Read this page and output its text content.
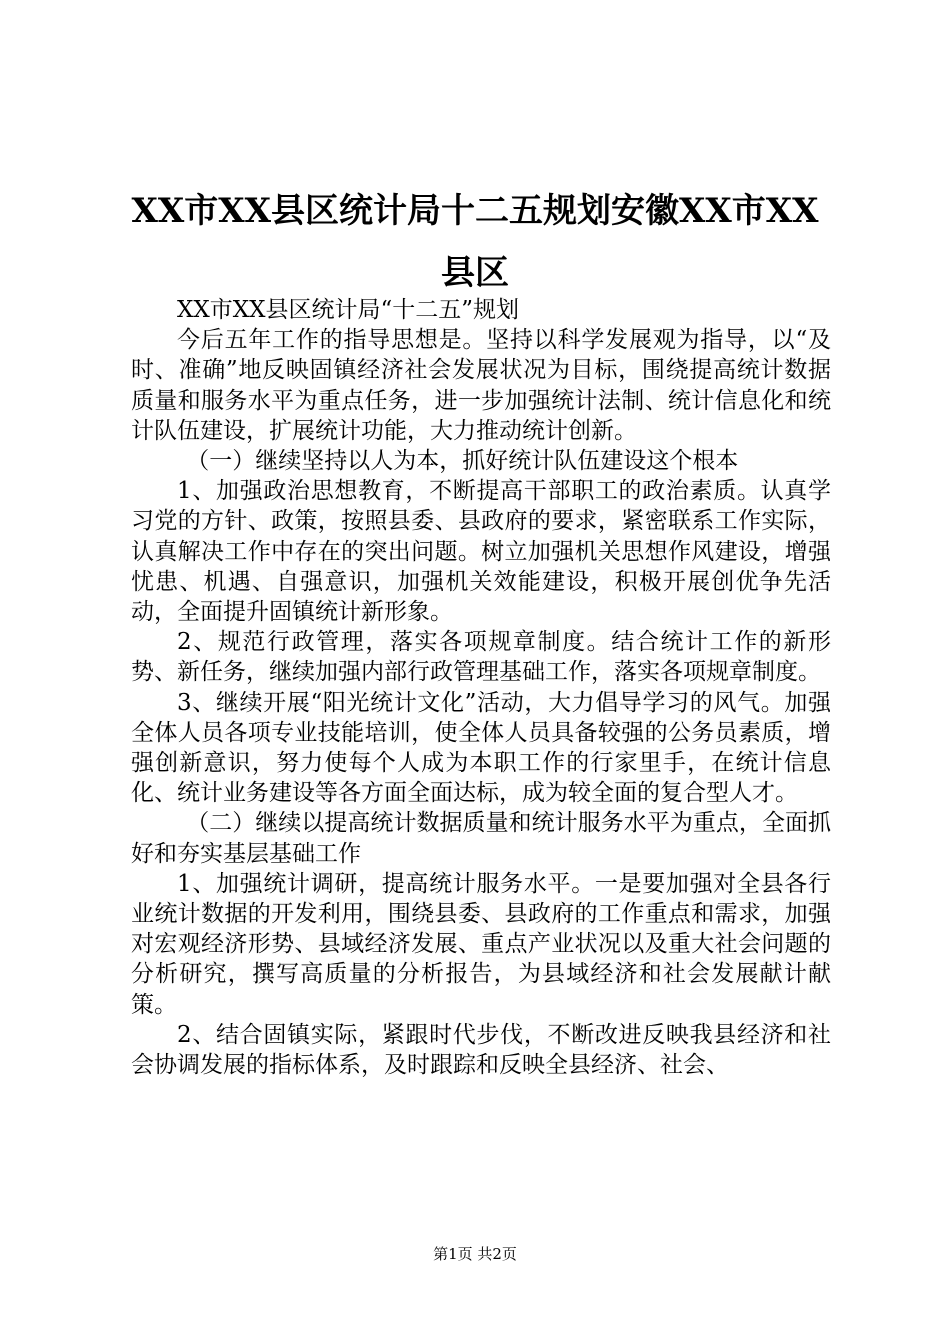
XX市XX县区统计局十二五规划安徽XX市XX县区

XX市XX县区统计局“十二五”规划

今后五年工作的指导思想是。坚持以科学发展观为指导，以“及时、准确”地反映固镇经济社会发展状况为目标，围绕提高统计数据质量和服务水平为重点任务，进一步加强统计法制、统计信息化和统计队伍建设，扩展统计功能，大力推动统计创新。

（一）继续坚持以人为本，抓好统计队伍建设这个根本

1、加强政治思想教育，不断提高干部职工的政治素质。认真学习党的方针、政策，按照县委、县政府的要求，紧密联系工作实际，认真解决工作中存在的突出问题。树立加强机关思想作风建设，增强忧患、机遇、自强意识，加强机关效能建设，积极开展创优争先活动，全面提升固镇统计新形象。

2、规范行政管理，落实各项规章制度。结合统计工作的新形势、新任务，继续加强内部行政管理基础工作，落实各项规章制度。

3、继续开展“阳光统计文化”活动，大力倡导学习的风气。加强全体人员各项专业技能培训，使全体人员具备较强的公务员素质，增强创新意识，努力使每个人成为本职工作的行家里手，在统计信息化、统计业务建设等各方面全面达标，成为较全面的复合型人才。

（二）继续以提高统计数据质量和统计服务水平为重点，全面抓好和夯实基层基础工作

1、加强统计调研，提高统计服务水平。一是要加强对全县各行业统计数据的开发利用，围绕县委、县政府的工作重点和需求，加强对宏观经济形势、县域经济发展、重点产业状况以及重大社会问题的分析研究，撰写高质量的分析报告，为县域经济和社会发展献计献策。

2、结合固镇实际，紧跟时代步伐，不断改进反映我县经济和社会协调发展的指标体系，及时跟踪和反映全县经济、社会、

第1页 共2页
